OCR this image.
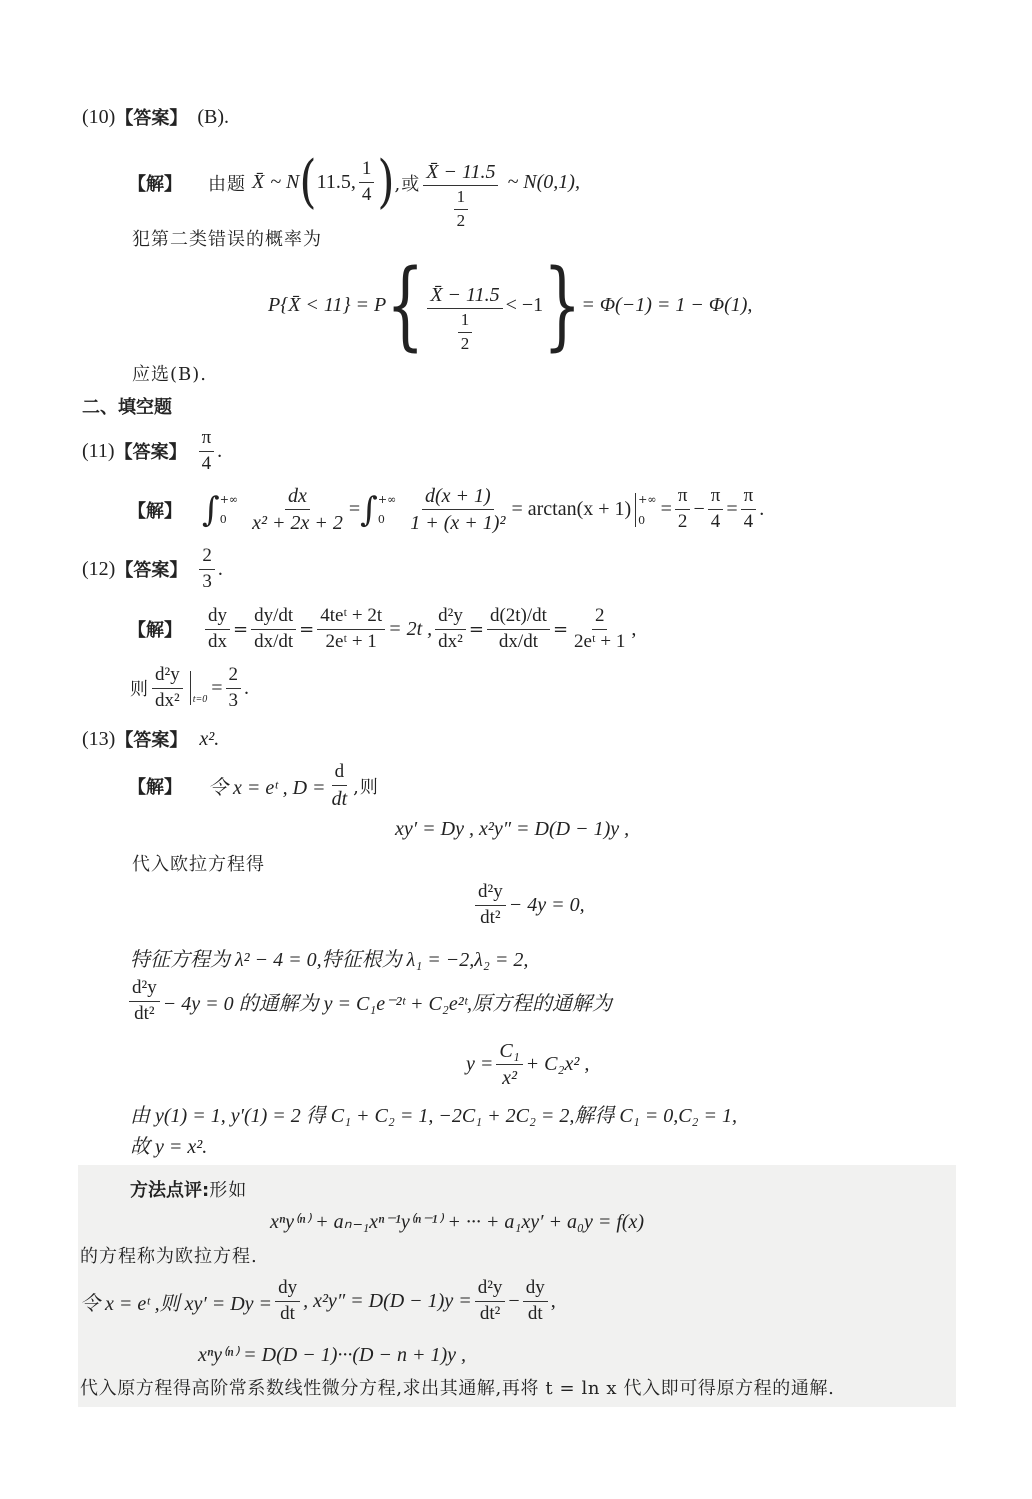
(10) 【答案】 (B).
【解】 由题 X̄ ~ N ( 11.5, $\frac{1}{4}$ ) ,或 $\frac{X̄ - 11.5}{\frac{1}{2}}$ ~ N(0,1),
犯第二类错误的概率为
P{X̄ < 11} = P { $\frac{X̄ - 11.5}{\frac{1}{2}} < -1$ } = Φ(−1) = 1 − Φ(1),
应选(B).
二、填空题
(11) 【答案】 $\frac{\pi}{4}$ .
【解】 ∫ +∞
0	$\frac{dx}{\text{x² + 2x + 2}}$ = ∫ +∞
0	$\frac{d(x + 1)}{\text{1 + (x + 1)²}} = \arctan(x + 1)$ +∞
$0 = \frac{\pi}{2} - \frac{\pi}{4} = \frac{\pi}{4}$ .
(12) 【答案】 $\frac{2}{3}$ .
【解】 $\frac{dy}{dx} = \frac{dy/dt}{dx/dt} = \frac{\text{4teᵗ + 2t}}{\text{2eᵗ + 1}} = 2t$ , $\frac{\text{d²y}}{\text{dx²}} = \frac{d(2t)/dt}{dx/dt} = \frac{2}{\text{2eᵗ + 1}}$ ,
则 $\frac{\text{d²y}}{\text{dx²}} t=0$
= $\frac{2}{3}$ .
(13) 【答案】 x².
【解】 令 x = eᵗ , $D = \frac{d}{dt}$ ,则
xy′ = Dy , x²y″ = D(D − 1)y ,
代入欧拉方程得
$\frac{\text{d²y}}{\text{dt²}} - 4y = 0$,
特征方程为 λ² − 4 = 0,特征根为 λ₁ = −2,λ₂ = 2,
$\frac{\text{d²y}}{\text{dt²}} - 4y = 0$ 的通解为 y = C₁e⁻²ᵗ + C₂e²ᵗ,原方程的通解为
$y = \frac{\text{C₁}}{\text{x²}} + C_2x^2$ ,
由 y(1) = 1, y′(1) = 2 得 C₁ + C₂ = 1, −2C₁ + 2C₂ = 2,解得 C₁ = 0,C₂ = 1,
故 y = x².
方法点评: 形如
xⁿy⁽ⁿ⁾ + aₙ₋₁xⁿ⁻¹y⁽ⁿ⁻¹⁾ + ··· + a₁xy′ + a₀y = f(x)
的方程称为欧拉方程.
令 x = eᵗ ,则 $xy' = Dy = \frac{dy}{dt}$ , $x^2y'' = D(D - 1)y = \frac{\text{d²y}}{\text{dt²}} - \frac{dy}{dt}$ ,
xⁿy⁽ⁿ⁾ = D(D − 1)···(D − n + 1)y ,
代入原方程得高阶常系数线性微分方程,求出其通解,再将 t = ln x 代入即可得原方程的通解.
